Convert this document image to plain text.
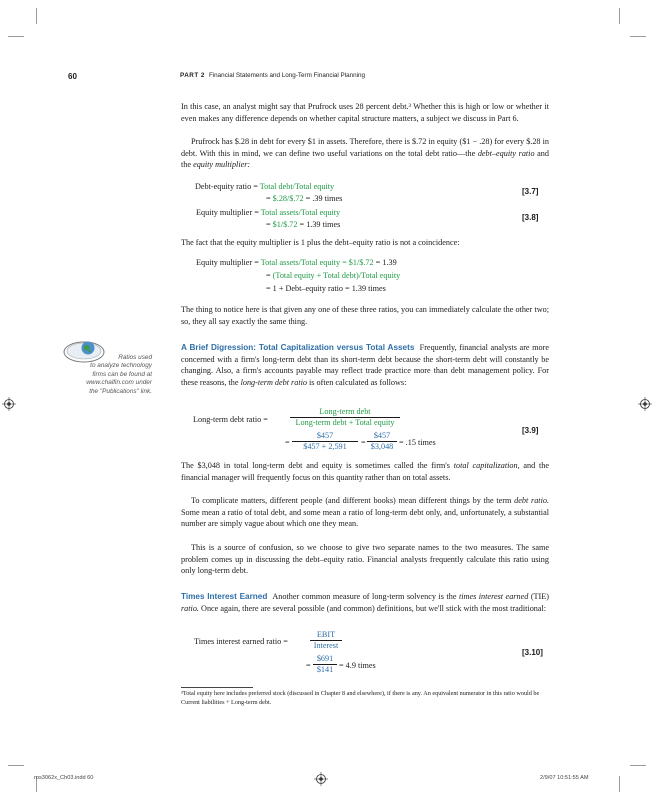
60	PART 2 Financial Statements and Long-Term Financial Planning
In this case, an analyst might say that Prufrock uses 28 percent debt.³ Whether this is high or low or whether it even makes any difference depends on whether capital structure matters, a subject we discuss in Part 6.
Prufrock has $.28 in debt for every $1 in assets. Therefore, there is $.72 in equity ($1 − .28) for every $.28 in debt. With this in mind, we can define two useful variations on the total debt ratio—the debt–equity ratio and the equity multiplier:
Debt-equity ratio = Total debt/Total equity
= $.28/$.72 = .39 times
[3.7]
Equity multiplier = Total assets/Total equity
= $1/$.72 = 1.39 times
[3.8]
The fact that the equity multiplier is 1 plus the debt–equity ratio is not a coincidence:
Equity multiplier = Total assets/Total equity = $1/$.72 = 1.39
= (Total equity + Total debt)/Total equity
= 1 + Debt–equity ratio = 1.39 times
The thing to notice here is that given any one of these three ratios, you can immediately calculate the other two; so, they all say exactly the same thing.
Ratios used
to analyze technology
firms can be found at
www.chalfin.com under
the "Publications" link.
A Brief Digression: Total Capitalization versus Total Assets Frequently, financial analysts are more concerned with a firm's long-term debt than its short-term debt because the short-term debt will constantly be changing. Also, a firm's accounts payable may reflect trade practice more than debt management policy. For these reasons, the long-term debt ratio is often calculated as follows:
Long-term debt ratio =
Long-term debt
Long-term debt + Total equity
= $\frac{\$457}{\$457 + 2,591} = \frac{\$457}{\$3,048} = .15$ times
[3.9]
The $3,048 in total long-term debt and equity is sometimes called the firm's total capitalization, and the financial manager will frequently focus on this quantity rather than on total assets.
To complicate matters, different people (and different books) mean different things by the term debt ratio. Some mean a ratio of total debt, and some mean a ratio of long-term debt only, and, unfortunately, a substantial number are simply vague about which one they mean.
This is a source of confusion, so we choose to give two separate names to the two measures. The same problem comes up in discussing the debt–equity ratio. Financial analysts frequently calculate this ratio using only long-term debt.
Times Interest Earned Another common measure of long-term solvency is the times interest earned (TIE) ratio. Once again, there are several possible (and common) definitions, but we'll stick with the most traditional:
Times interest earned ratio =
EBIT
Interest
= $\frac{\$691}{\$141} = 4.9$ times
[3.10]
³Total equity here includes preferred stock (discussed in Chapter 8 and elsewhere), if there is any. An equivalent numerator in this ratio would be Current liabilities + Long-term debt.
ros3062x_Ch03.indd 60	2/9/07 10:51:55 AM
